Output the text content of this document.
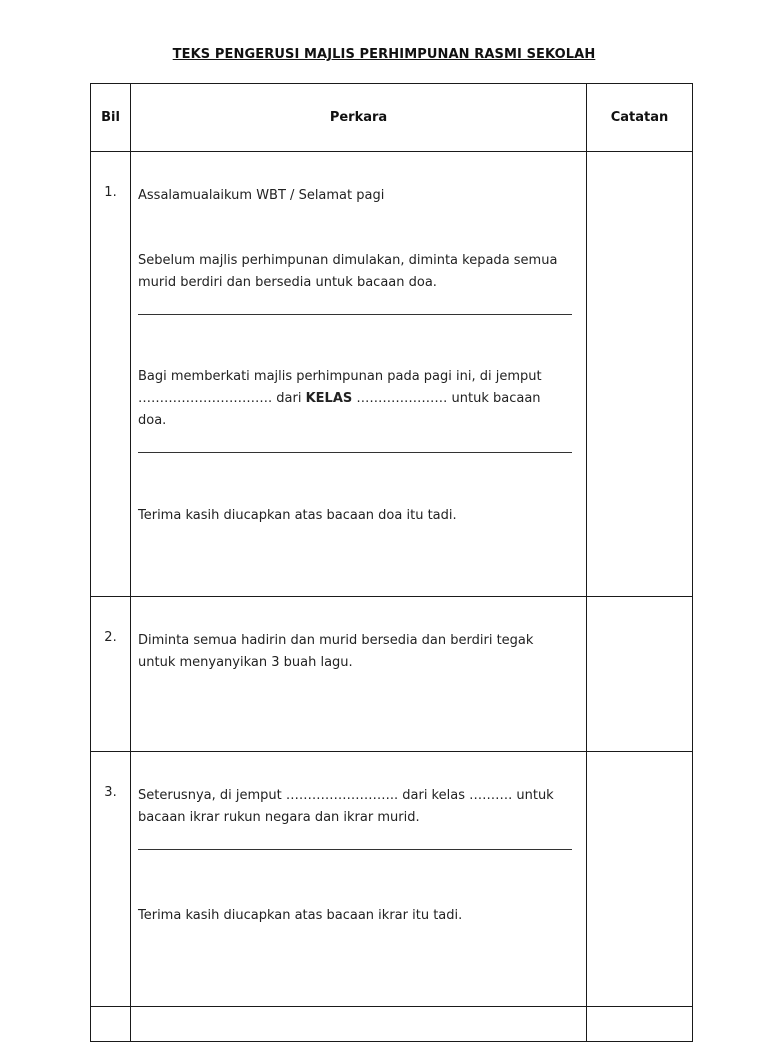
TEKS PENGERUSI MAJLIS PERHIMPUNAN RASMI SEKOLAH
Bil	Perkara	Catatan
1.	Assalamualaikum WBT / Selamat pagi

Sebelum majlis perhimpunan dimulakan, diminta kepada semua murid berdiri dan bersedia untuk bacaan doa.

Bagi memberkati majlis perhimpunan pada pagi ini, di jemput …………………………. dari KELAS ………………… untuk bacaan doa.

Terima kasih diucapkan atas bacaan doa itu tadi.	

2.	Diminta semua hadirin dan murid bersedia dan berdiri tegak untuk menyanyikan 3 buah lagu.	

3.	Seterusnya, di jemput …………………….. dari kelas ………. untuk bacaan ikrar rukun negara dan ikrar murid.

Terima kasih diucapkan atas bacaan ikrar itu tadi.	
